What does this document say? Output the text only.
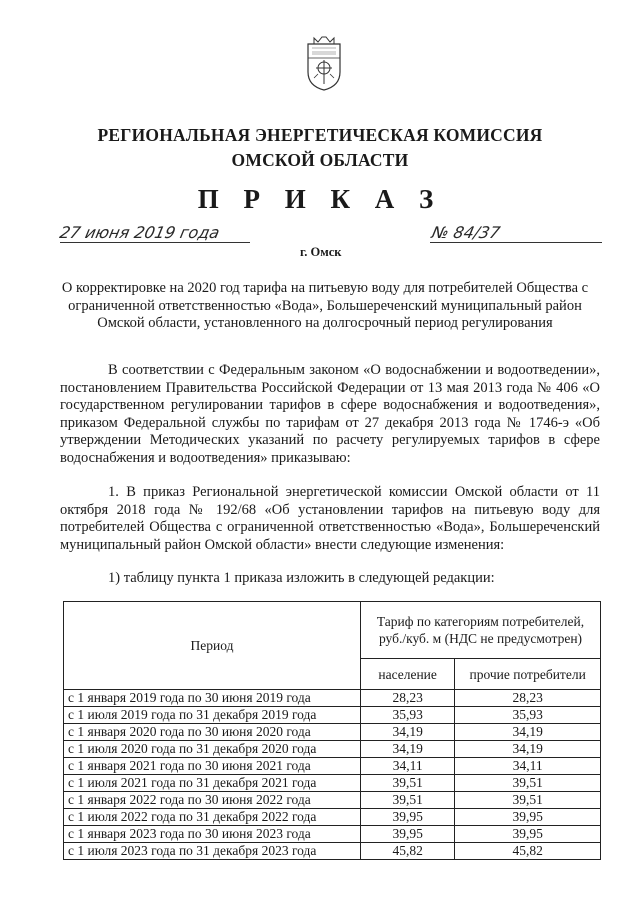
РЕГИОНАЛЬНАЯ ЭНЕРГЕТИЧЕСКАЯ КОМИССИЯ
ОМСКОЙ ОБЛАСТИ
П Р И К А З
27 июня 2019 года	№ 84/37
г. Омск
О корректировке на 2020 год тарифа на питьевую воду для потребителей Общества с ограниченной ответственностью «Вода», Большереченский муниципальный район Омской области, установленного на долгосрочный период регулирования

В соответствии с Федеральным законом «О водоснабжении и водоотведении», постановлением Правительства Российской Федерации от 13 мая 2013 года № 406 «О государственном регулировании тарифов в сфере водоснабжения и водоотведения», приказом Федеральной службы по тарифам от 27 декабря 2013 года № 1746-э «Об утверждении Методических указаний по расчету регулируемых тарифов в сфере водоснабжения и водоотведения» приказываю:

1. В приказ Региональной энергетической комиссии Омской области от 11 октября 2018 года № 192/68 «Об установлении тарифов на питьевую воду для потребителей Общества с ограниченной ответственностью «Вода», Большереченский муниципальный район Омской области» внести следующие изменения:

1) таблицу пункта 1 приказа изложить в следующей редакции:
Период	Тариф по категориям потребителей, руб./куб. м (НДС не предусмотрен)	
	население	прочие потребители
с 1 января 2019 года по 30 июня 2019 года	28,23	28,23
с 1 июля 2019 года по 31 декабря 2019 года	35,93	35,93
с 1 января 2020 года по 30 июня 2020 года	34,19	34,19
с 1 июля 2020 года по 31 декабря 2020 года	34,19	34,19
с 1 января 2021 года по 30 июня 2021 года	34,11	34,11
с 1 июля 2021 года по 31 декабря 2021 года	39,51	39,51
с 1 января 2022 года по 30 июня 2022 года	39,51	39,51
с 1 июля 2022 года по 31 декабря 2022 года	39,95	39,95
с 1 января 2023 года по 30 июня 2023 года	39,95	39,95
с 1 июля 2023 года по 31 декабря 2023 года	45,82	45,82
